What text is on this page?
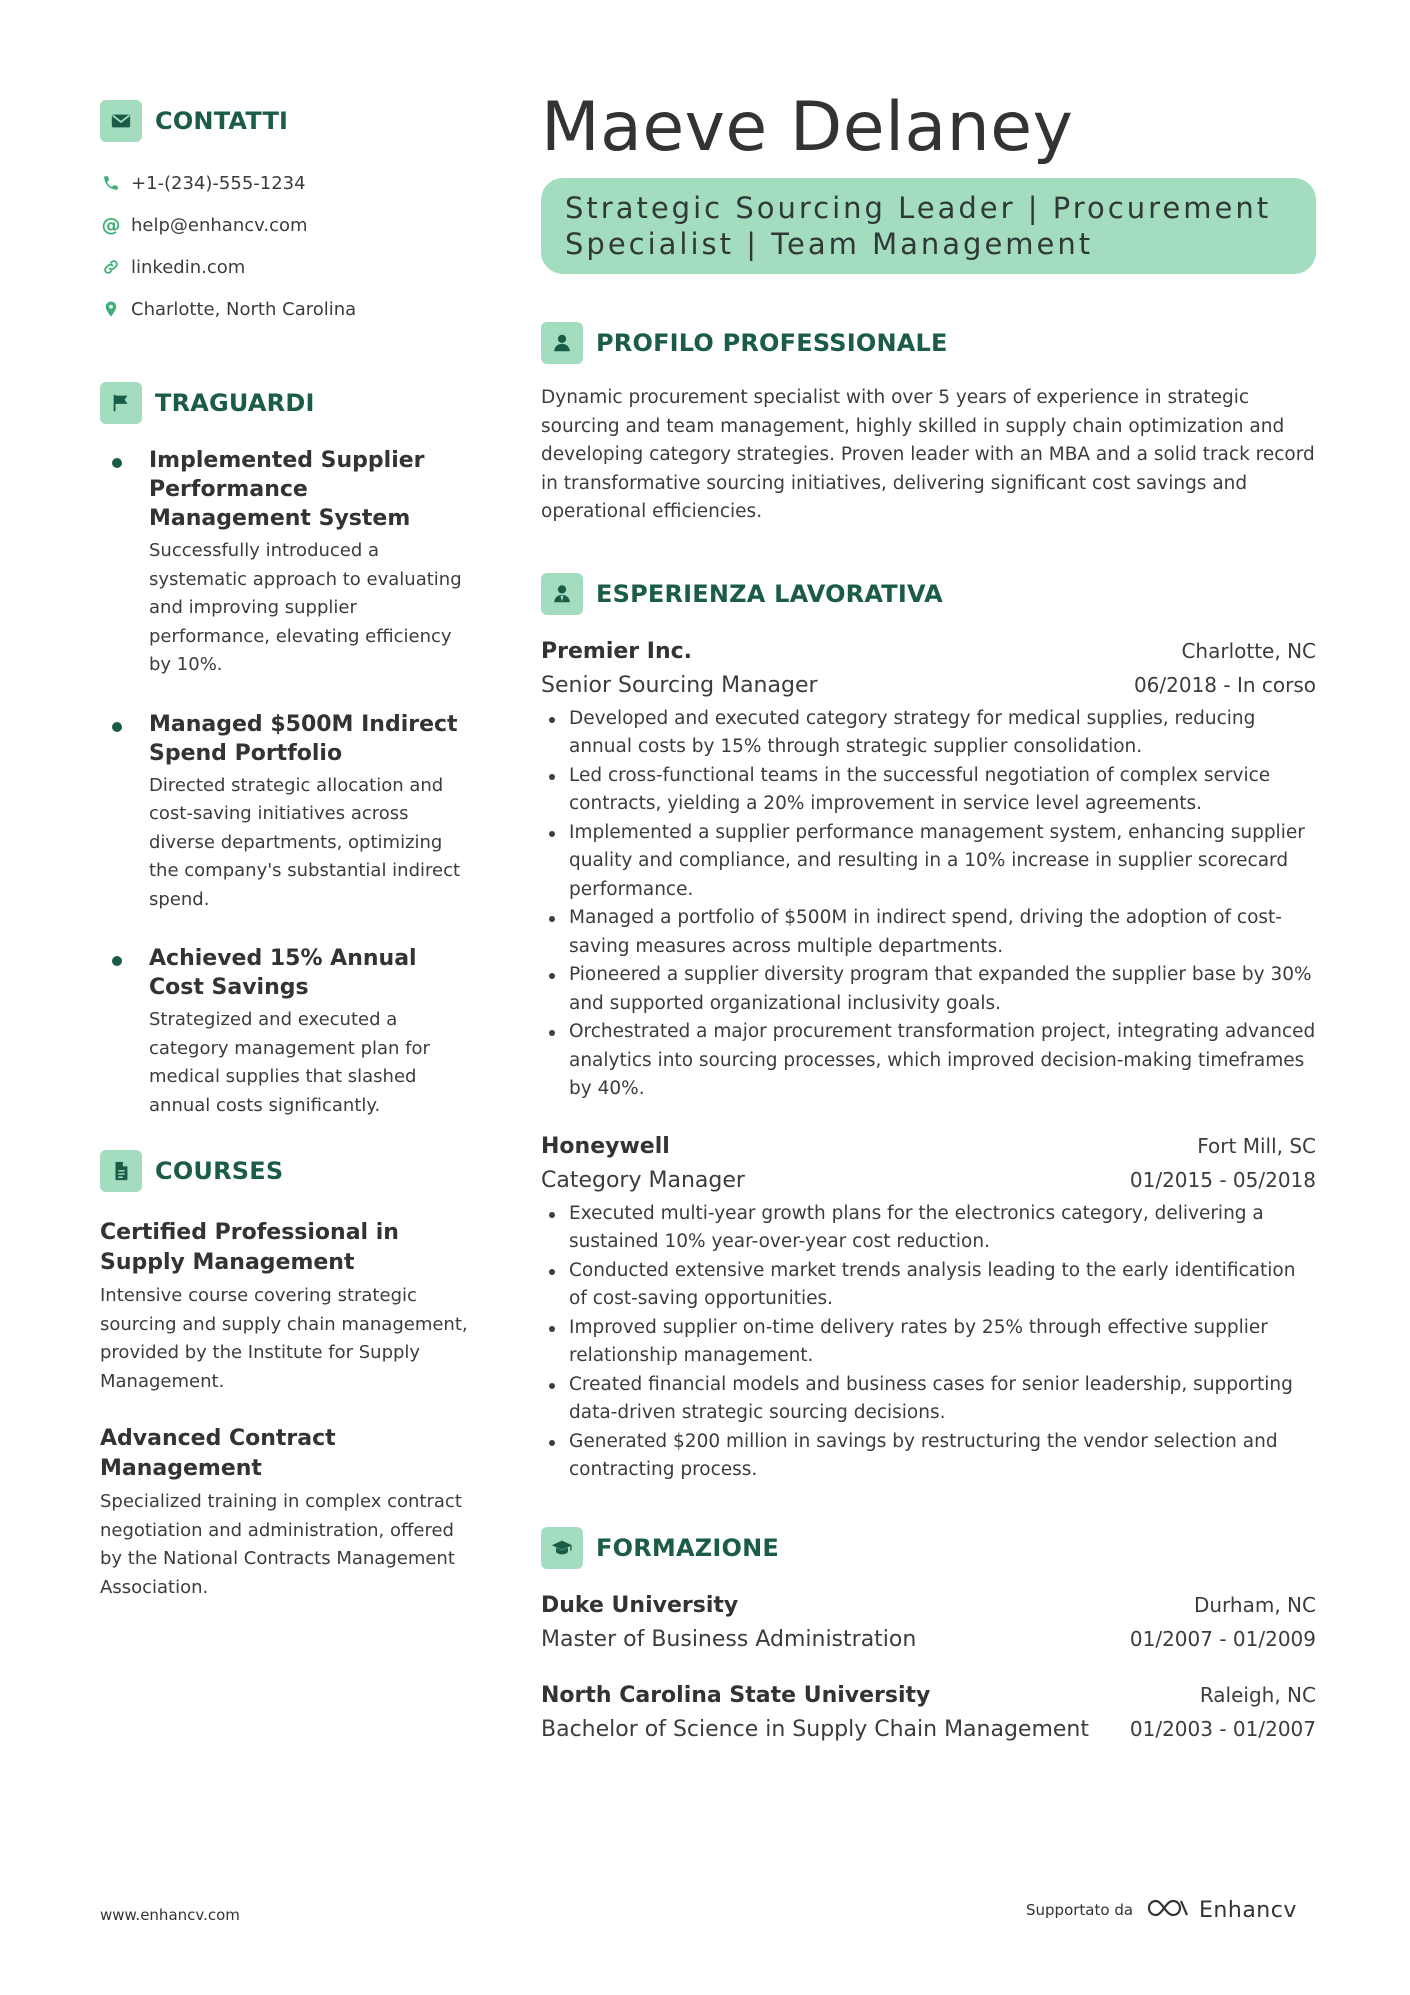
CONTATTI
+1-(234)-555-1234
@ help@enhancv.com
linkedin.com
Charlotte, North Carolina
TRAGUARDI
Implemented Supplier Performance Management System
Successfully introduced a systematic approach to evaluating and improving supplier performance, elevating efficiency by 10%.
Managed $500M Indirect Spend Portfolio
Directed strategic allocation and cost-saving initiatives across diverse departments, optimizing the company's substantial indirect spend.
Achieved 15% Annual Cost Savings
Strategized and executed a category management plan for medical supplies that slashed annual costs significantly.
COURSES
Certified Professional in Supply Management
Intensive course covering strategic sourcing and supply chain management, provided by the Institute for Supply Management.
Advanced Contract Management
Specialized training in complex contract negotiation and administration, offered by the National Contracts Management Association.
Maeve Delaney
Strategic Sourcing Leader | Procurement Specialist | Team Management
PROFILO PROFESSIONALE

Dynamic procurement specialist with over 5 years of experience in strategic sourcing and team management, highly skilled in supply chain optimization and developing category strategies. Proven leader with an MBA and a solid track record in transformative sourcing initiatives, delivering significant cost savings and operational efficiencies.

ESPERIENZA LAVORATIVA
Premier Inc.	Charlotte, NC
Senior Sourcing Manager	06/2018 - In corso
Developed and executed category strategy for medical supplies, reducing annual costs by 15% through strategic supplier consolidation.
Led cross-functional teams in the successful negotiation of complex service contracts, yielding a 20% improvement in service level agreements.
Implemented a supplier performance management system, enhancing supplier quality and compliance, and resulting in a 10% increase in supplier scorecard performance.
Managed a portfolio of $500M in indirect spend, driving the adoption of cost-saving measures across multiple departments.
Pioneered a supplier diversity program that expanded the supplier base by 30% and supported organizational inclusivity goals.
Orchestrated a major procurement transformation project, integrating advanced analytics into sourcing processes, which improved decision-making timeframes by 40%.
Honeywell	Fort Mill, SC
Category Manager	01/2015 - 05/2018
Executed multi-year growth plans for the electronics category, delivering a sustained 10% year-over-year cost reduction.
Conducted extensive market trends analysis leading to the early identification of cost-saving opportunities.
Improved supplier on-time delivery rates by 25% through effective supplier relationship management.
Created financial models and business cases for senior leadership, supporting data-driven strategic sourcing decisions.
Generated $200 million in savings by restructuring the vendor selection and contracting process.
FORMAZIONE
Duke University	Durham, NC
Master of Business Administration	01/2007 - 01/2009
North Carolina State University	Raleigh, NC
Bachelor of Science in Supply Chain Management 01/2003 - 01/2007
www.enhancv.com	Supportato da	Enhancv
